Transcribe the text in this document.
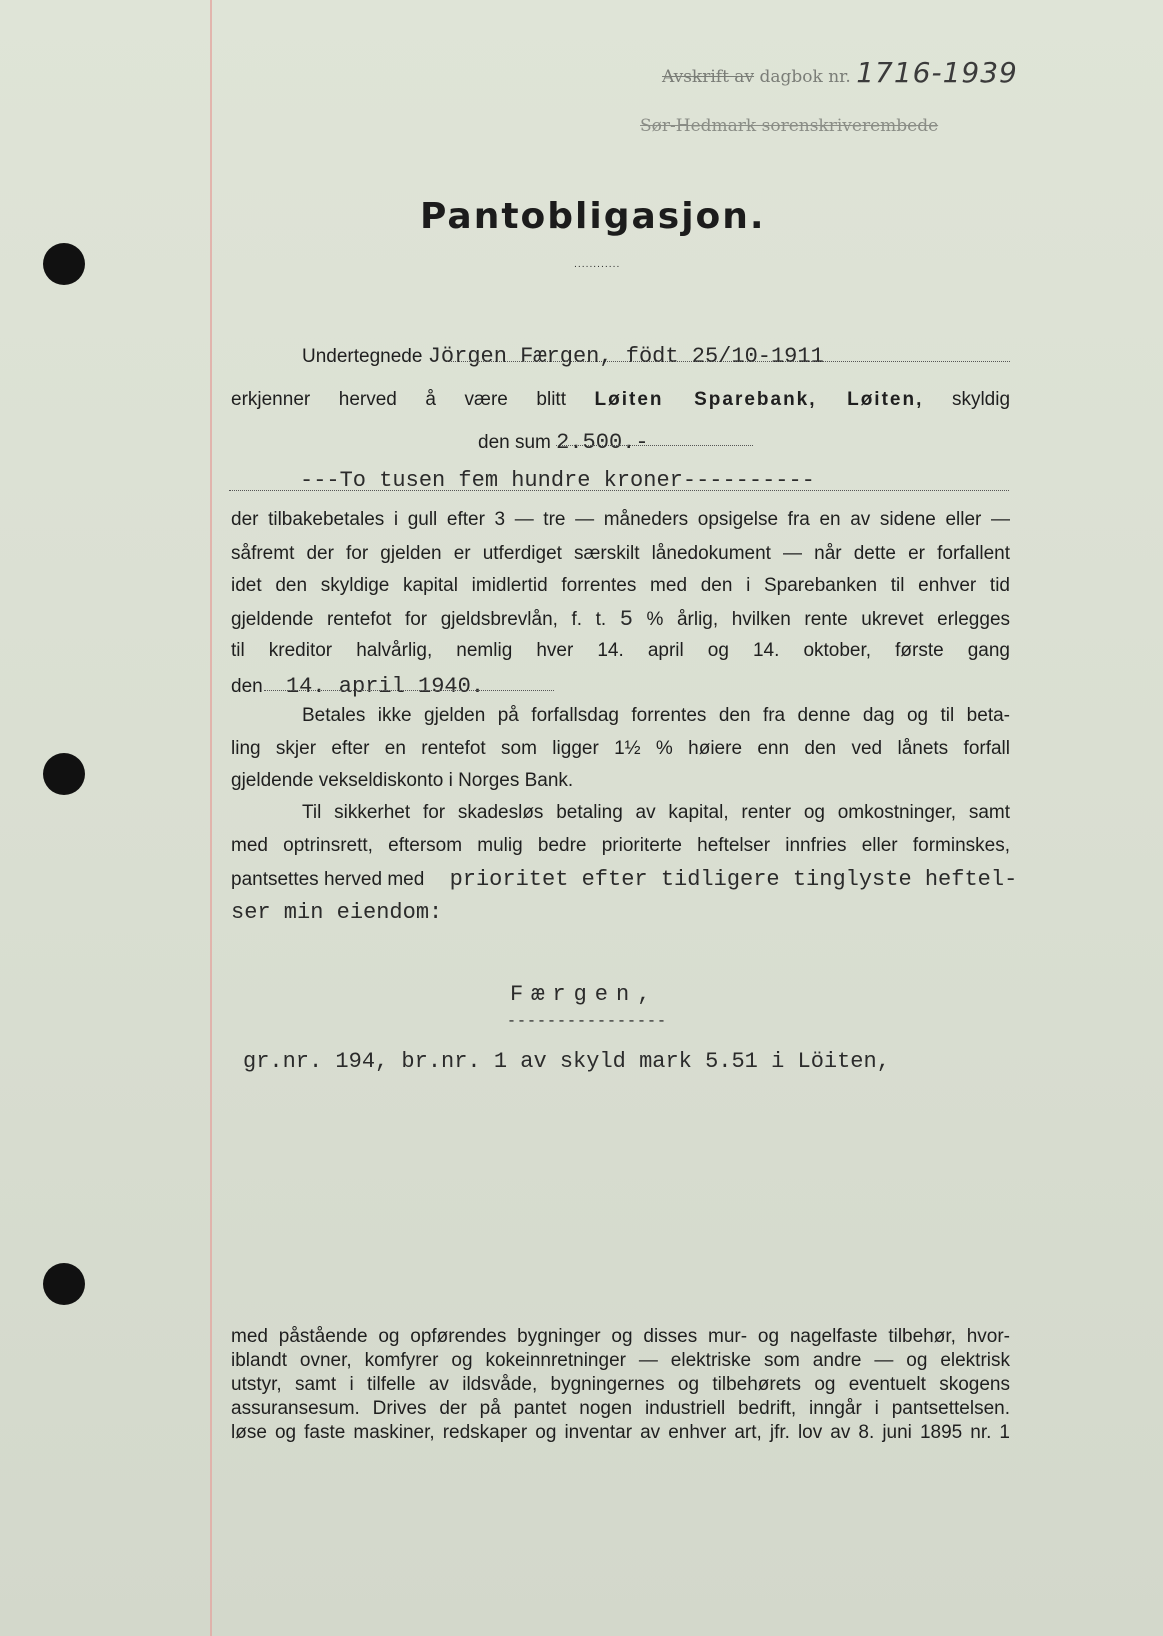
Avskrift av dagbok nr. 1716-1939
Sør-Hedmark sorenskriverembede
Pantobligasjon.
............
Undertegnede Jörgen Færgen, födt 25/10-1911
erkjenner herved å være blitt Løiten Sparebank, Løiten, skyldig
den sum 2.500.-
---To tusen fem hundre kroner----------
der tilbakebetales i gull efter 3 — tre — måneders opsigelse fra en av sidene eller —
såfremt der for gjelden er utferdiget særskilt lånedokument — når dette er forfallent
idet den skyldige kapital imidlertid forrentes med den i Sparebanken til enhver tid
gjeldende rentefot for gjeldsbrevlån, f. t. 5 % årlig, hvilken rente ukrevet erlegges
til kreditor halvårlig, nemlig hver 14. april og 14. oktober, første gang
den 14. april 1940.
Betales ikke gjelden på forfallsdag forrentes den fra denne dag og til beta-
ling skjer efter en rentefot som ligger 1½ % høiere enn den ved lånets forfall
gjeldende vekseldiskonto i Norges Bank.
Til sikkerhet for skadesløs betaling av kapital, renter og omkostninger, samt
med optrinsrett, eftersom mulig bedre prioriterte heftelser innfries eller forminskes,
pantsettes herved med prioritet efter tidligere tinglyste heftel-
ser min eiendom:
Færgen,
----------------
gr.nr. 194, br.nr. 1 av skyld mark 5.51 i Löiten,
med påstående og opførendes bygninger og disses mur- og nagelfaste tilbehør, hvor-
iblandt ovner, komfyrer og kokeinnretninger — elektriske som andre — og elektrisk
utstyr, samt i tilfelle av ildsvåde, bygningernes og tilbehørets og eventuelt skogens
assuransesum. Drives der på pantet nogen industriell bedrift, inngår i pantsettelsen.
løse og faste maskiner, redskaper og inventar av enhver art, jfr. lov av 8. juni 1895 nr. 1
